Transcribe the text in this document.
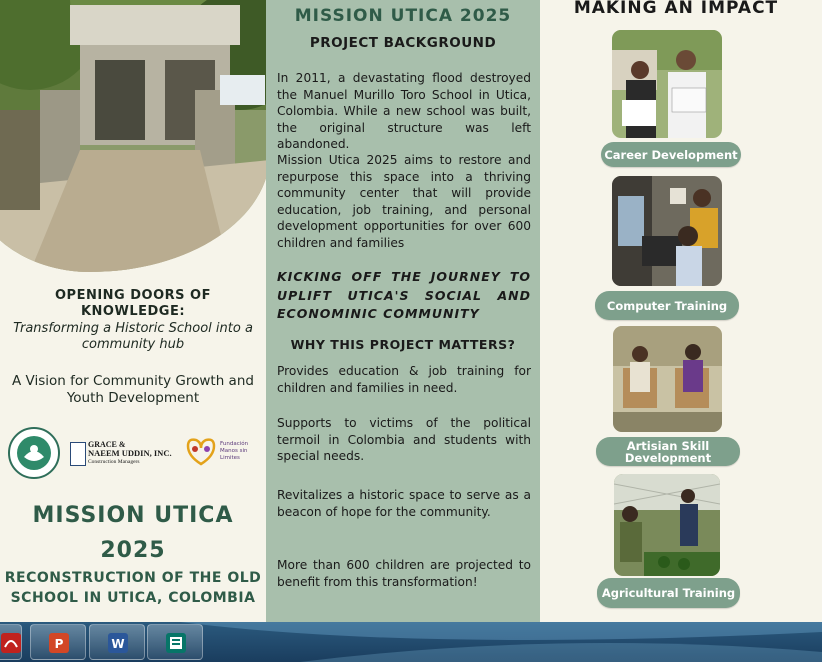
OPENING DOORS OF KNOWLEDGE:
Transforming a Historic School into a community hub
A Vision for Community Growth and Youth Development
GRACE &
NAEEM UDDIN, INC.
Construction Managers
Fundación Manos sin Limites
MISSION UTICA
2025
RECONSTRUCTION OF THE OLD SCHOOL IN UTICA, COLOMBIA
MISSION UTICA 2025
PROJECT BACKGROUND
In 2011, a devastating flood destroyed the Manuel Murillo Toro School in Utica, Colombia. While a new school was built, the original structure was left abandoned.
Mission Utica 2025 aims to restore and repurpose this space into a thriving community center that will provide education, job training, and personal development opportunities for over 600 children and families
KICKING OFF THE JOURNEY TO UPLIFT UTICA'S SOCIAL AND ECONOMINIC COMMUNITY
WHY THIS PROJECT MATTERS?
Provides education & job training for children and families in need.
Supports to victims of the political termoil in Colombia and students with special needs.
Revitalizes a historic space to serve as a beacon of hope for the community.
More than 600 children are projected to benefit from this transformation!
MAKING AN IMPACT
Career Development
Computer Training
Artisian Skill Development
Agricultural Training
P	W
